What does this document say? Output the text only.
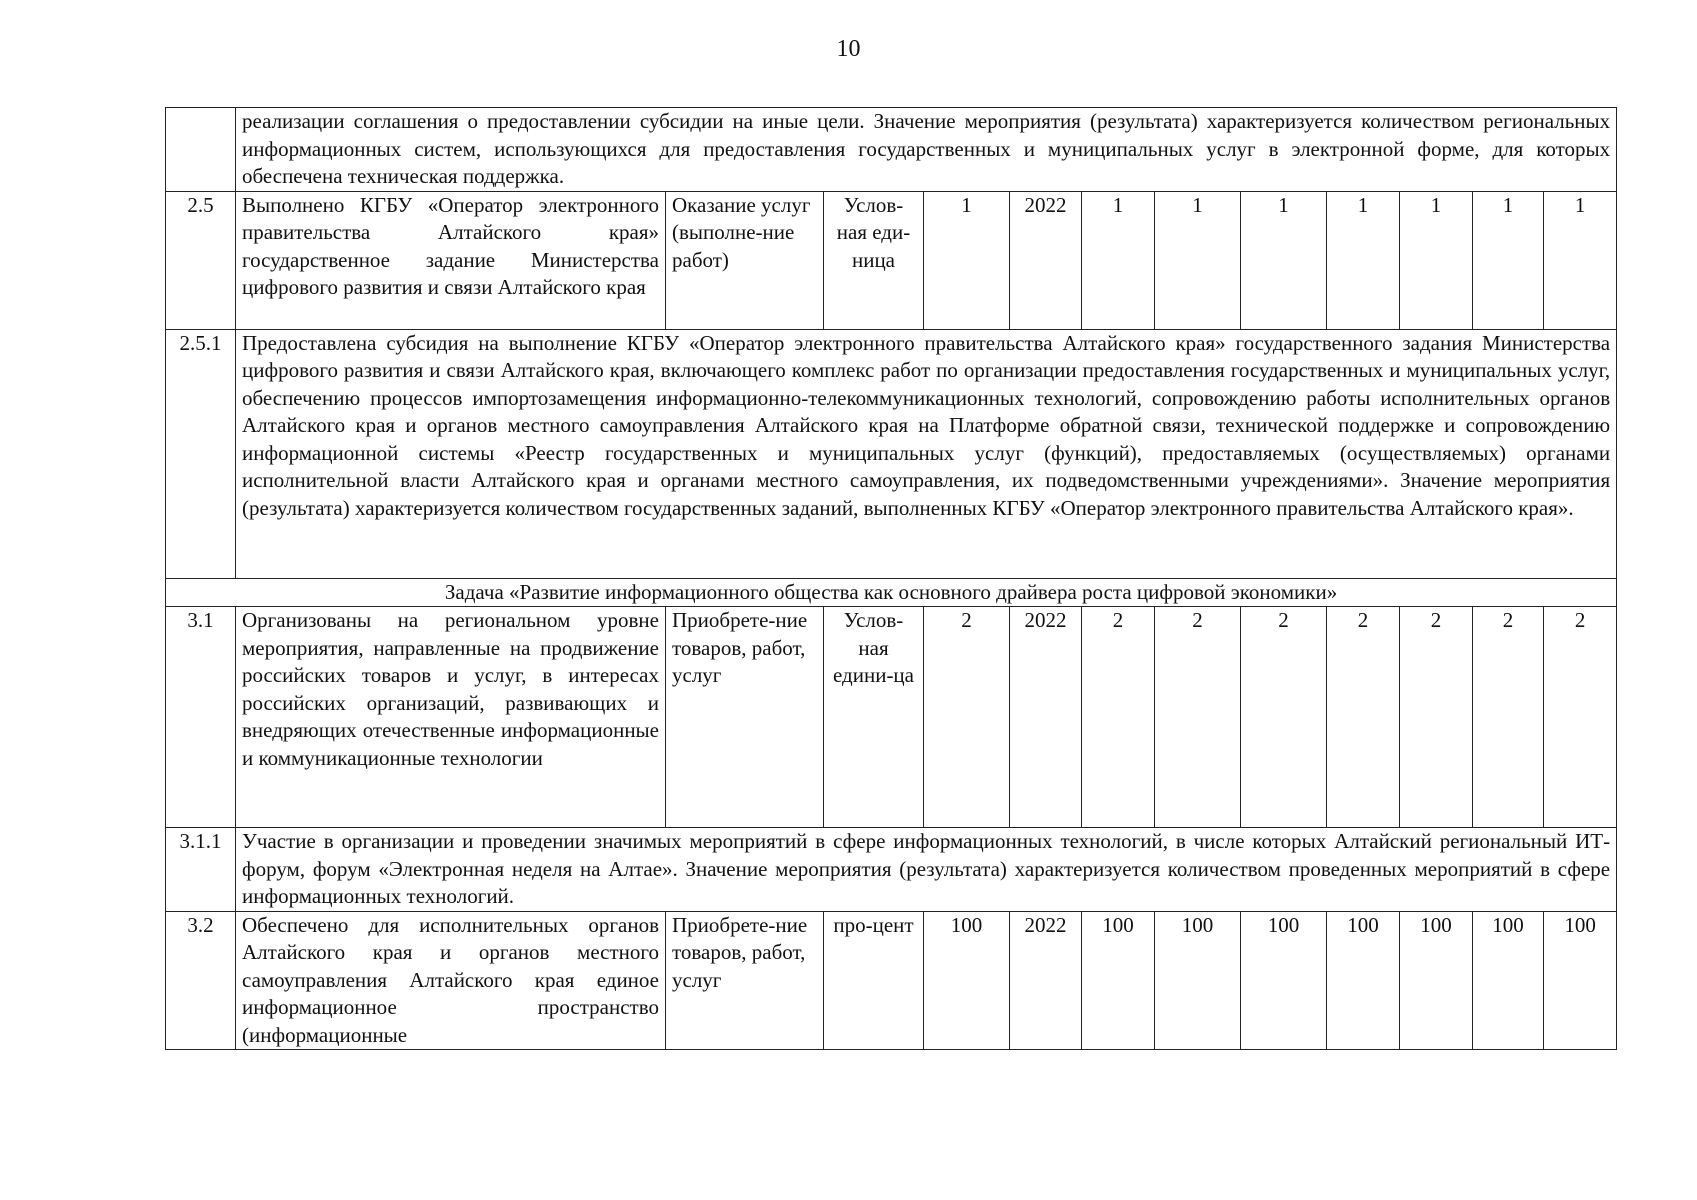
10
	реализации соглашения о предоставлении субсидии на иные цели. Значение мероприятия (результата) характеризуется количеством региональных информационных систем, использующихся для предоставления государственных и муниципальных услуг в электронной форме, для которых обеспечена техническая поддержка.											
2.5	Выполнено КГБУ «Оператор электронного правительства Алтайского края» государственное задание Министерства цифрового развития и связи Алтайского края	Оказание услуг (выполне-ние работ)	Услов-ная еди-ница	1	2022	1	1	1	1	1	1	1
2.5.1	Предоставлена субсидия на выполнение КГБУ «Оператор электронного правительства Алтайского края» государственного задания Министерства цифрового развития и связи Алтайского края, включающего комплекс работ по организации предоставления государственных и муниципальных услуг, обеспечению процессов импортозамещения информационно-телекоммуникационных технологий, сопровождению работы исполнительных органов Алтайского края и органов местного самоуправления Алтайского края на Платформе обратной связи, технической поддержке и сопровождению информационной системы «Реестр государственных и муниципальных услуг (функций), предоставляемых (осуществляемых) органами исполнительной власти Алтайского края и органами местного самоуправления, их подведомственными учреждениями». Значение мероприятия (результата) характеризуется количеством государственных заданий, выполненных КГБУ «Оператор электронного правительства Алтайского края».											
Задача «Развитие информационного общества как основного драйвера роста цифровой экономики»												
3.1	Организованы на региональном уровне мероприятия, направленные на продвижение российских товаров и услуг, в интересах российских организаций, развивающих и внедряющих отечественные информационные и коммуникационные технологии	Приобрете-ние товаров, работ, услуг	Услов-ная едини-ца	2	2022	2	2	2	2	2	2	2
3.1.1	Участие в организации и проведении значимых мероприятий в сфере информационных технологий, в числе которых Алтайский региональный ИТ-форум, форум «Электронная неделя на Алтае». Значение мероприятия (результата) характеризуется количеством проведенных мероприятий в сфере информационных технологий.											
3.2	Обеспечено для исполнительных органов Алтайского края и органов местного самоуправления Алтайского края единое информационное пространство (информационные	Приобрете-ние товаров, работ, услуг	про-цент	100	2022	100	100	100	100	100	100	100
